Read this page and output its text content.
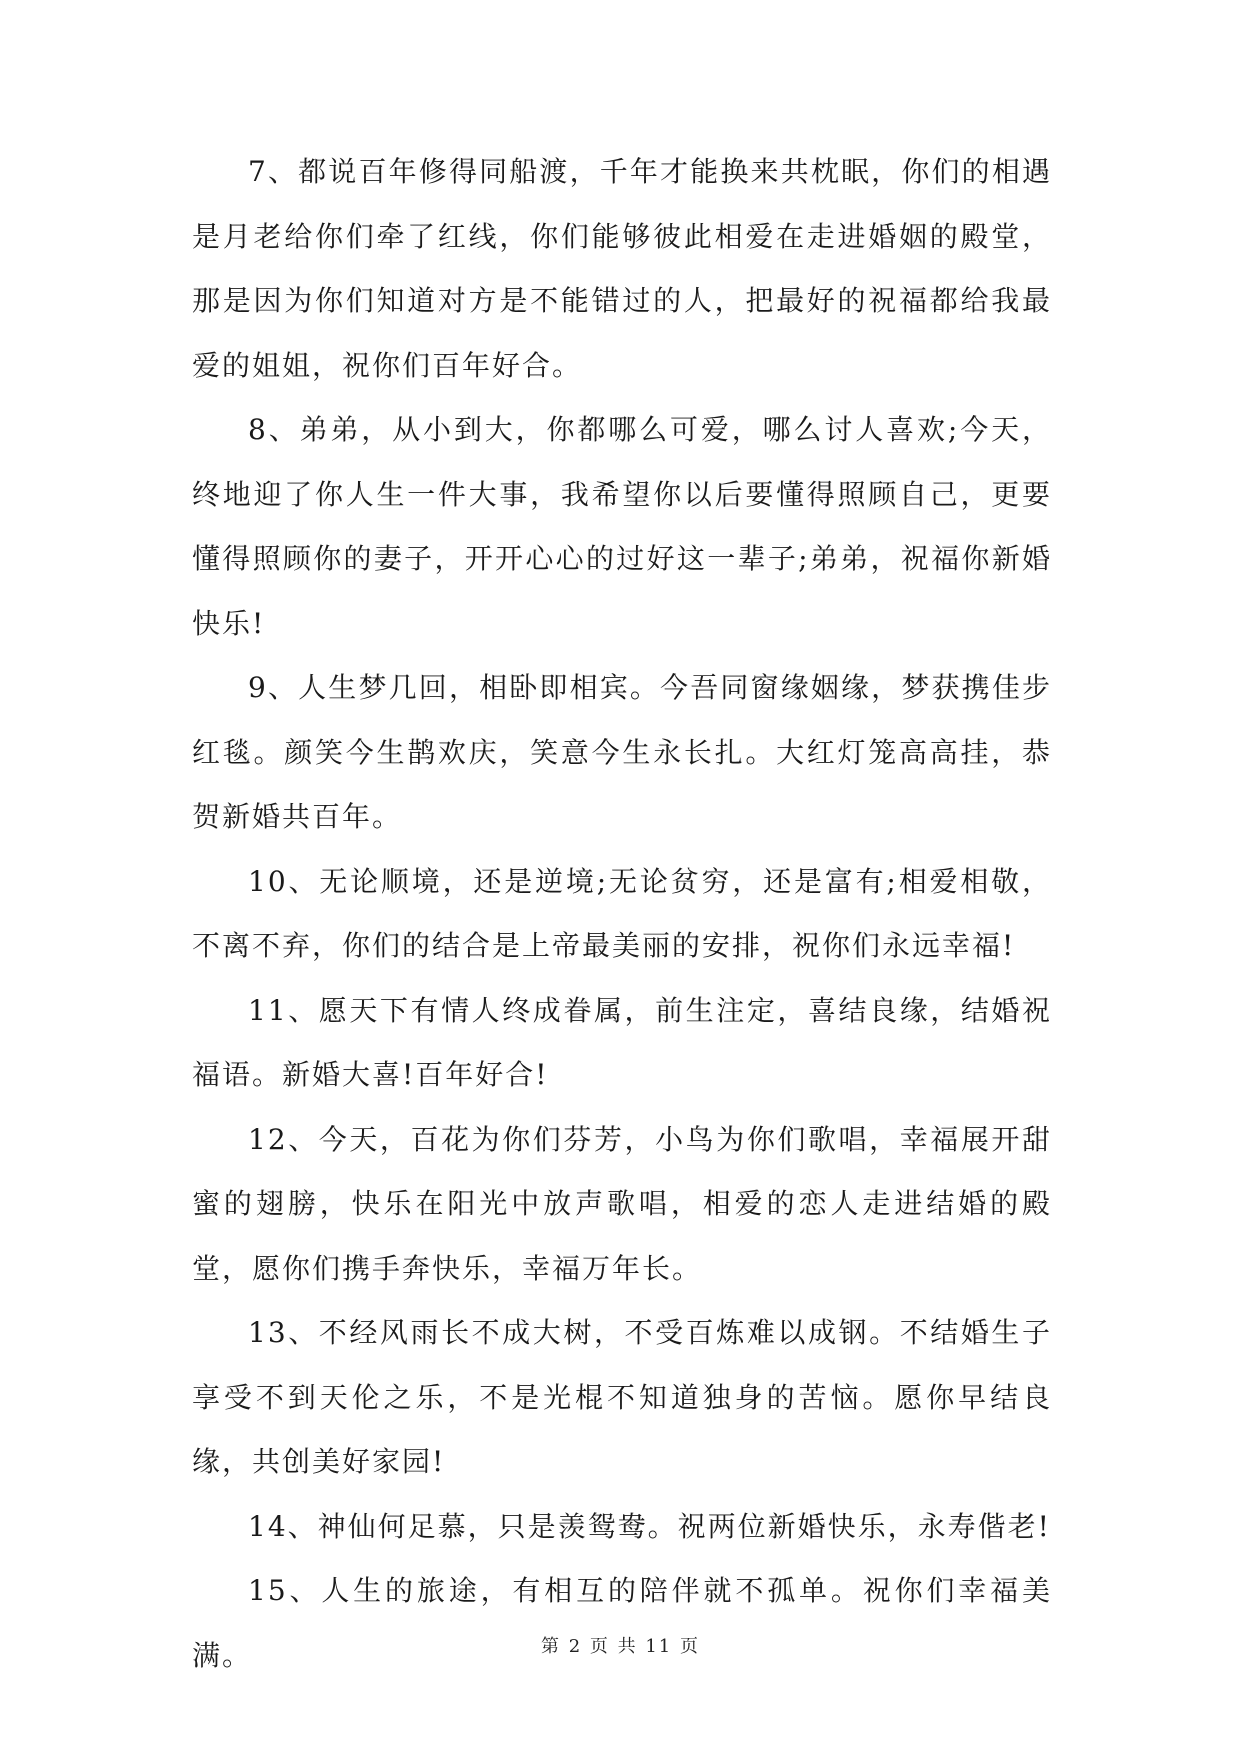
7、都说百年修得同船渡，千年才能换来共枕眠，你们的相遇是月老给你们牵了红线，你们能够彼此相爱在走进婚姻的殿堂，那是因为你们知道对方是不能错过的人，把最好的祝福都给我最爱的姐姐，祝你们百年好合。

8、弟弟，从小到大，你都哪么可爱，哪么讨人喜欢;今天，终地迎了你人生一件大事，我希望你以后要懂得照顾自己，更要懂得照顾你的妻子，开开心心的过好这一辈子;弟弟，祝福你新婚快乐!

9、人生梦几回，相卧即相宾。今吾同窗缘姻缘，梦获携佳步红毯。颜笑今生鹊欢庆，笑意今生永长扎。大红灯笼高高挂，恭贺新婚共百年。

10、无论顺境，还是逆境;无论贫穷，还是富有;相爱相敬，不离不弃，你们的结合是上帝最美丽的安排，祝你们永远幸福!

11、愿天下有情人终成眷属，前生注定，喜结良缘，结婚祝福语。新婚大喜!百年好合!

12、今天，百花为你们芬芳，小鸟为你们歌唱，幸福展开甜蜜的翅膀，快乐在阳光中放声歌唱，相爱的恋人走进结婚的殿堂，愿你们携手奔快乐，幸福万年长。

13、不经风雨长不成大树，不受百炼难以成钢。不结婚生子享受不到天伦之乐，不是光棍不知道独身的苦恼。愿你早结良缘，共创美好家园!

14、神仙何足慕，只是羡鸳鸯。祝两位新婚快乐，永寿偕老!

15、人生的旅途，有相互的陪伴就不孤单。祝你们幸福美满。	第 2 页 共 11 页
